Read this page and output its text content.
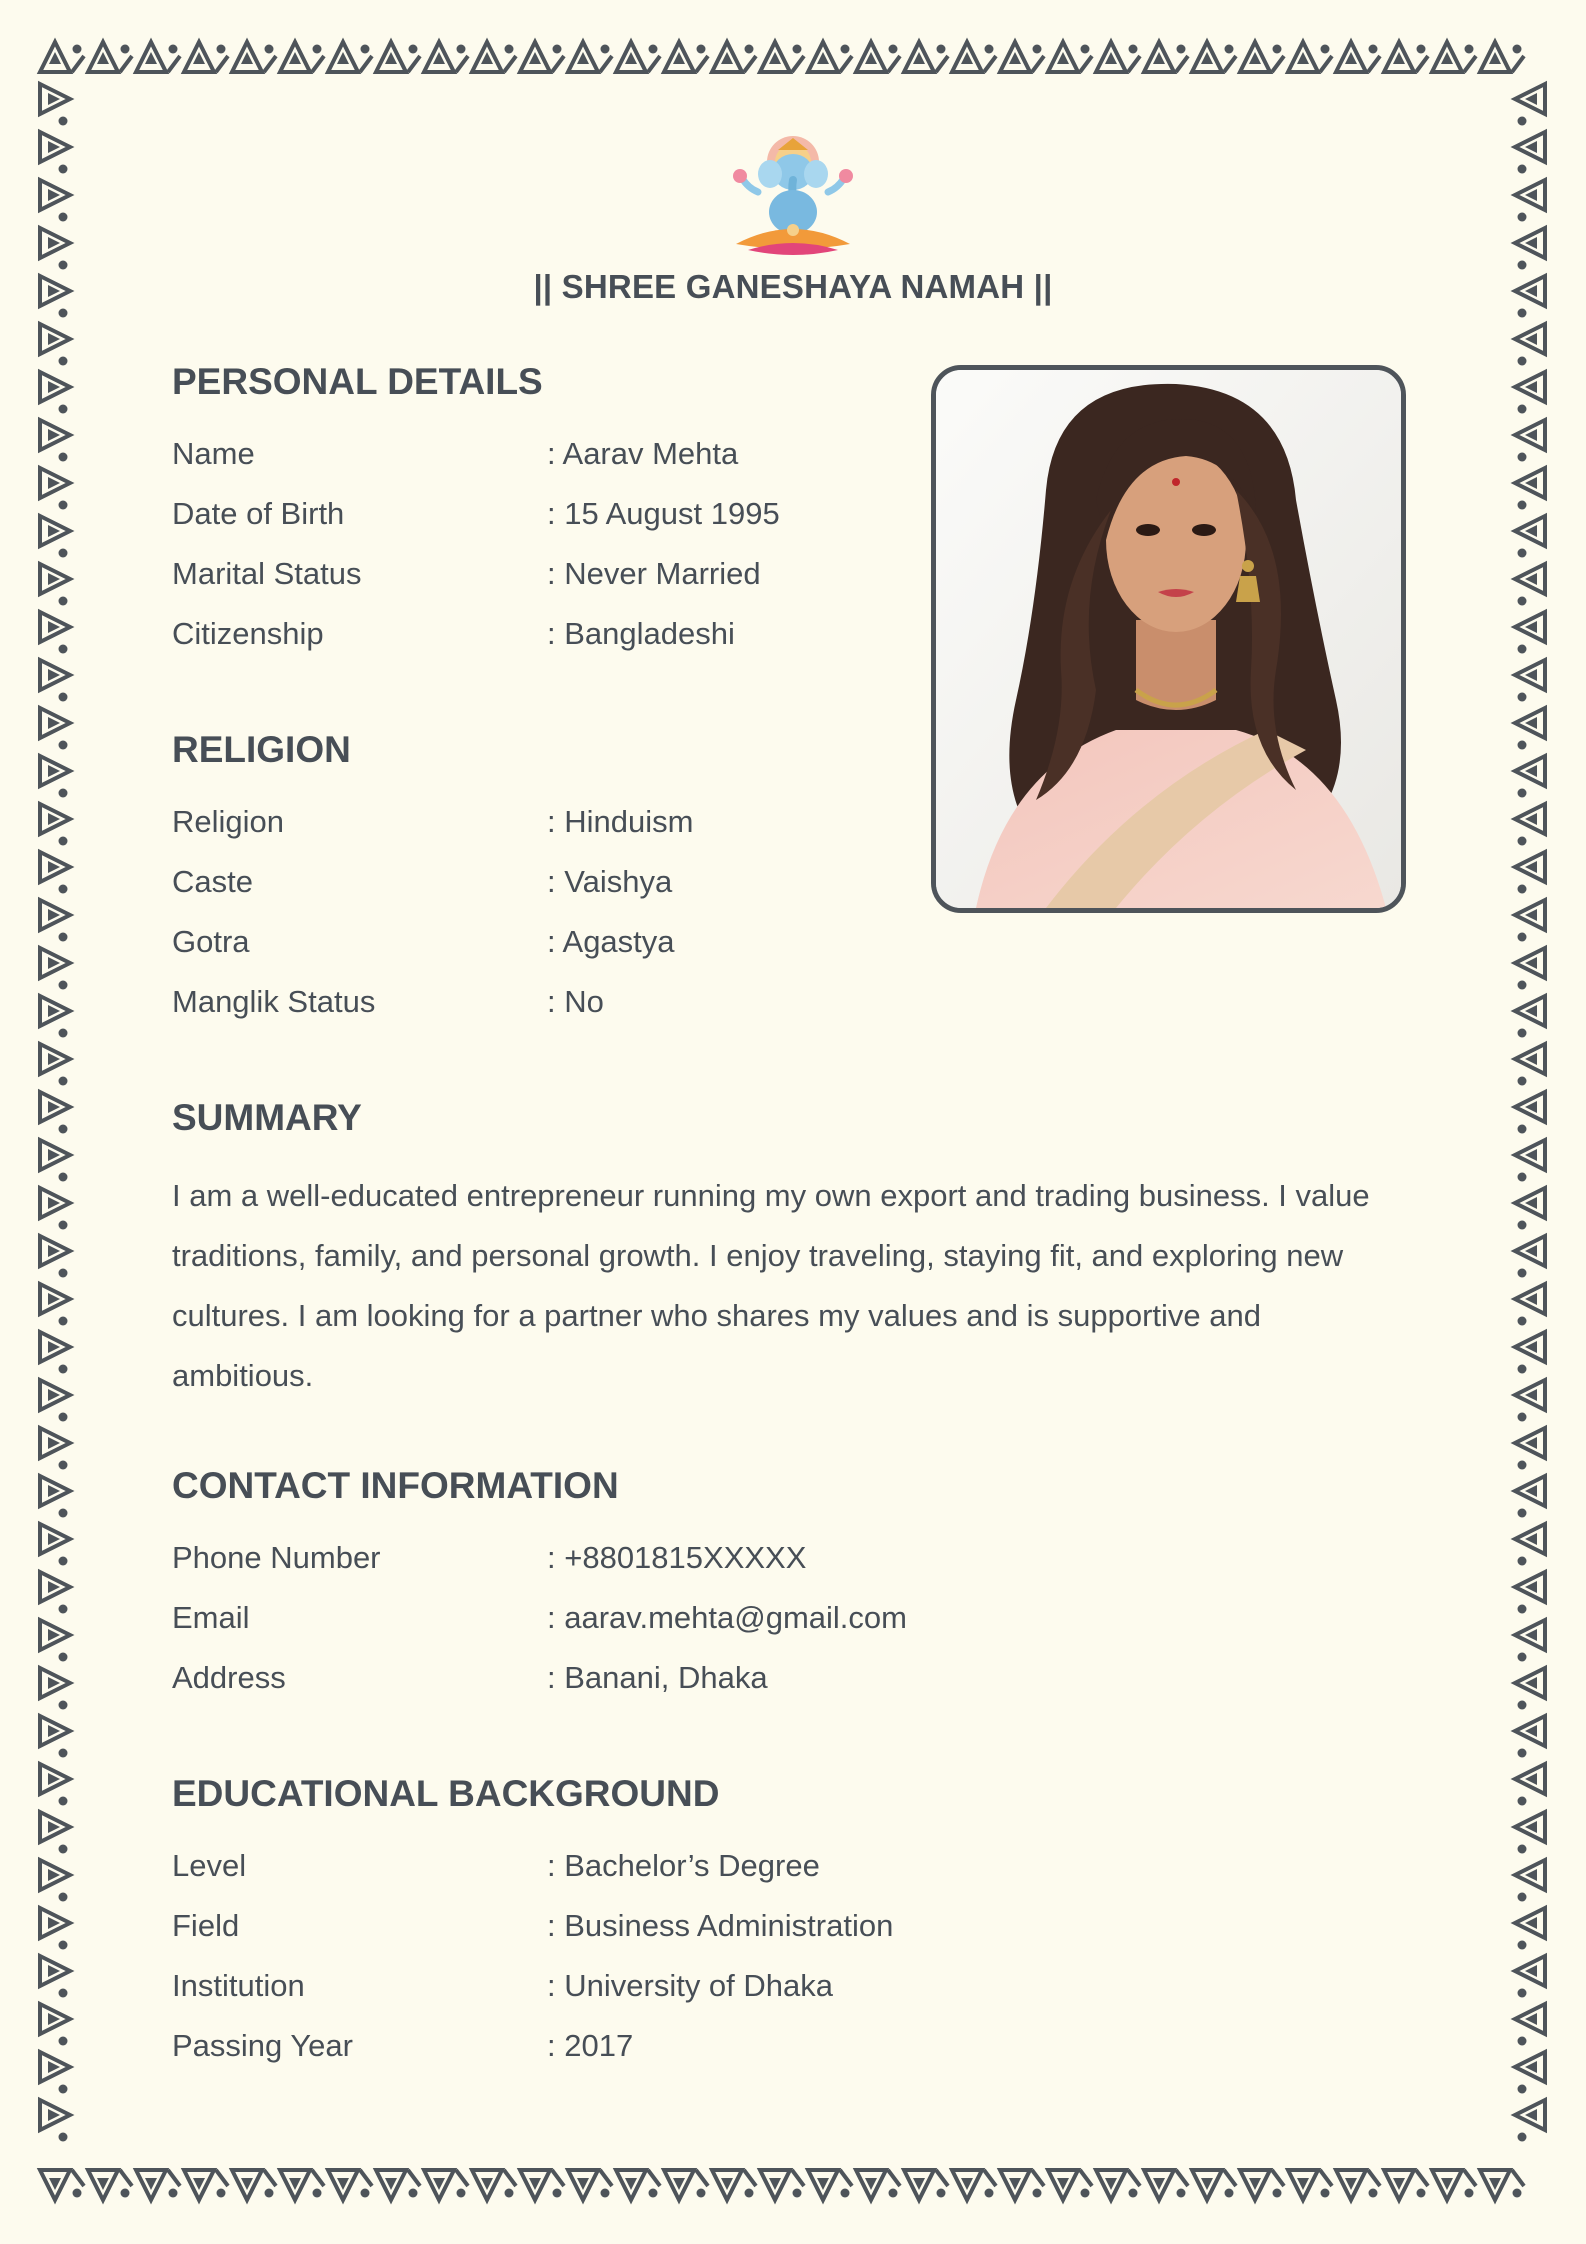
|| SHREE GANESHAYA NAMAH ||
PERSONAL DETAILS
Name	: Aarav Mehta
Date of Birth	: 15 August 1995
Marital Status	: Never Married
Citizenship	: Bangladeshi
RELIGION
Religion	: Hinduism
Caste	: Vaishya
Gotra	: Agastya
Manglik Status	: No
SUMMARY
I am a well-educated entrepreneur running my own export and trading business. I value traditions, family, and personal growth. I enjoy traveling, staying fit, and exploring new cultures. I am looking for a partner who shares my values and is supportive and ambitious.
CONTACT INFORMATION
Phone Number	: +8801815XXXXX
Email	: aarav.mehta@gmail.com
Address	: Banani, Dhaka
EDUCATIONAL BACKGROUND
Level	: Bachelor’s Degree
Field	: Business Administration
Institution	: University of Dhaka
Passing Year	: 2017
